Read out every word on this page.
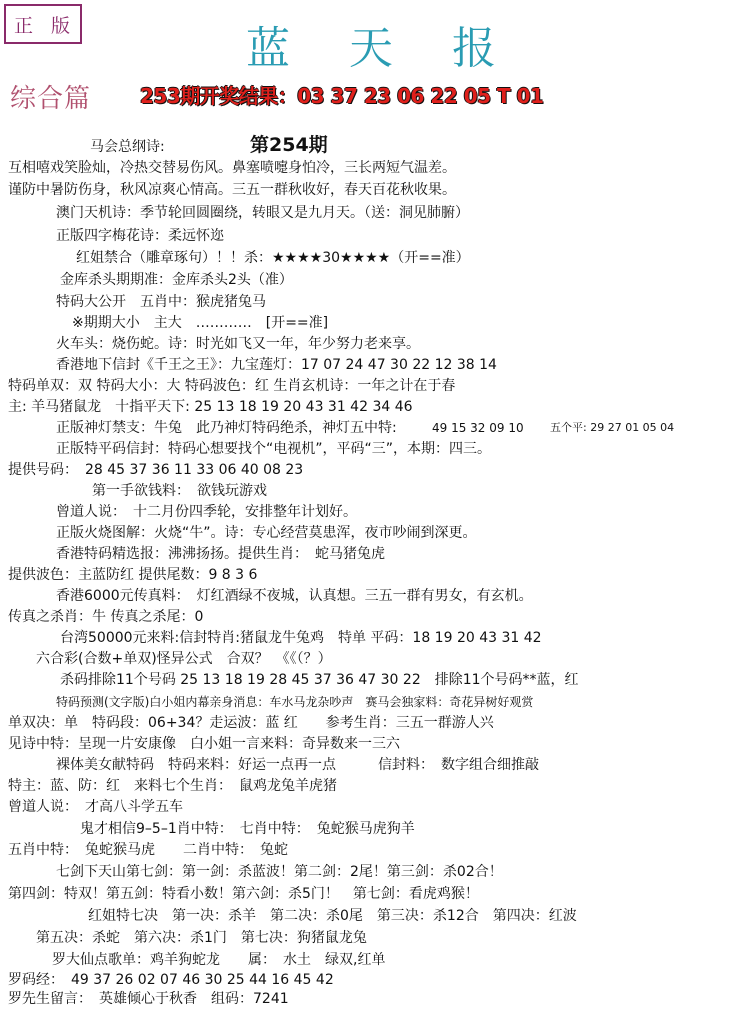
正 版	蓝 天 报
综合篇 253期开奖结果：03 37 23 06 22 05 T 01
第254期
马会总纲诗:
互相嘻戏笑脸灿，冷热交替易伤风。鼻塞喷嚏身怕冷，三长两短气温差。
谨防中暑防伤身，秋风凉爽心情高。三五一群秋收好，春天百花秋收果。
澳门天机诗：季节轮回圆圈绕，转眼又是九月天。（送：洞见肺腑）
正版四字梅花诗：柔远怀迩
红姐禁合（雕章琢句）！！杀：★★★★30★★★★（开==准）
金库杀头期期准：金库杀头2头（准）
特码大公开　五肖中：猴虎猪兔马
※期期大小　主大　…………　[开==准]
火车头：烧伤蛇。诗：时光如飞又一年，年少努力老来享。
香港地下信封《千王之王》：九宝莲灯：17 07 24 47 30 22 12 38 14
特码单双：双 特码大小：大 特码波色：红 生肖玄机诗：一年之计在于春
主: 羊马猪鼠龙　十指平天下: 25 13 18 19 20 43 31 42 34 46
正版神灯禁支：牛兔　此乃神灯特码绝杀，神灯五中特:	49 15 32 09 10 五个平: 29 27 01 05 04
正版特平码信封：特码心想要找个“电视机”，平码“三”，本期：四三。
提供号码：　28 45 37 36 11 33 06 40 08 23
第一手欲钱料：　欲钱玩游戏
曾道人说：　十二月份四季轮，安排整年计划好。
正版火烧图解：火烧“牛”。诗：专心经营莫患浑，夜市吵闹到深更。
香港特码精选报：沸沸扬扬。提供生肖：　蛇马猪兔虎
提供波色：主蓝防红 提供尾数：9 8 3 6
香港6000元传真料：　灯红酒绿不夜城，认真想。三五一群有男女，有玄机。
传真之杀肖：牛 传真之杀尾：0
台湾50000元来料:信封特肖:猪鼠龙牛兔鸡　特单 平码：18 19 20 43 31 42
六合彩(合数+单双)怪异公式　合双？　《《（？）
杀码排除11个号码 25 13 18 19 28 45 37 36 47 30 22　排除11个号码**蓝，红
特码预测(文字版)白小姐内幕亲身消息：车水马龙杂吵声　赛马会独家料：奇花异树好观赏
单双决：单　特码段：06+34？走运波：蓝 红　　参考生肖：三五一群游人兴
见诗中特：呈现一片安康像　白小姐一言来料：奇异数来一三六
裸体美女献特码　特码来料：好运一点再一点　　　信封料：　数字组合细推敲
特主：蓝、防：红　来料七个生肖：　鼠鸡龙兔羊虎猪
曾道人说：　才高八斗学五车
鬼才相信9–5–1肖中特：　七肖中特：　兔蛇猴马虎狗羊
五肖中特：　兔蛇猴马虎　　二肖中特：　兔蛇
七剑下天山第七剑：第一剑：杀蓝波！第二剑：2尾！第三剑：杀02合！
第四剑：特双！第五剑：特看小数！第六剑：杀5门！　第七剑：看虎鸡猴！
红姐特七决　第一决：杀羊　第二决：杀0尾　第三决：杀12合　第四决：红波
第五决：杀蛇　第六决：杀1门　第七决：狗猪鼠龙兔
罗大仙点歌单：鸡羊狗蛇龙　　属：　水土　绿双,红单
罗码经：　49 37 26 02 07 46 30 25 44 16 45 42
罗先生留言：　英雄倾心于秋香　组码：7241
